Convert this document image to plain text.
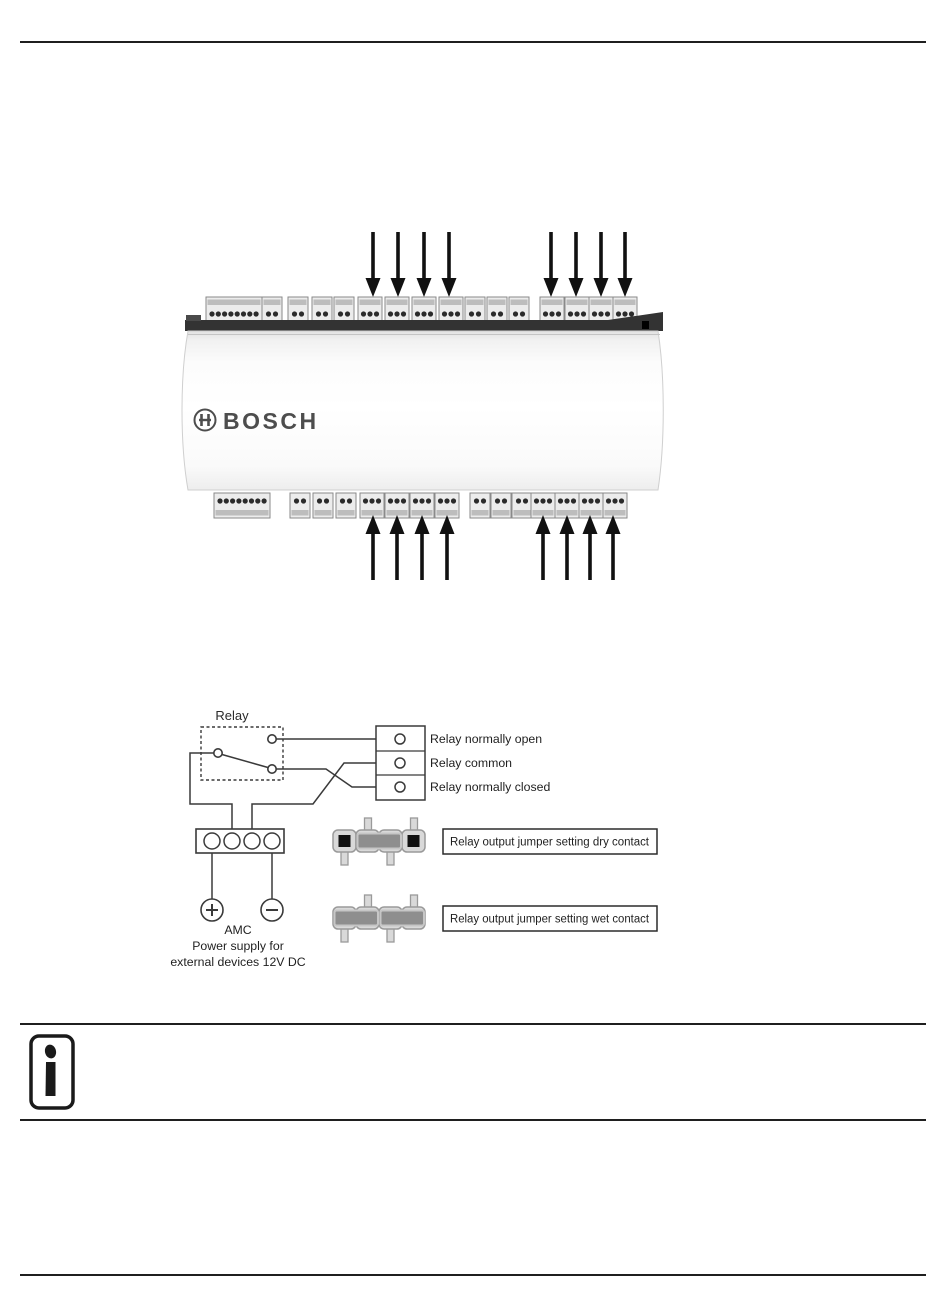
BOSCH
Relay
Relay normally open
Relay common
Relay normally closed
AMC
Power supply for
external devices 12V DC
Relay output jumper setting dry contact
Relay output jumper setting wet contact
